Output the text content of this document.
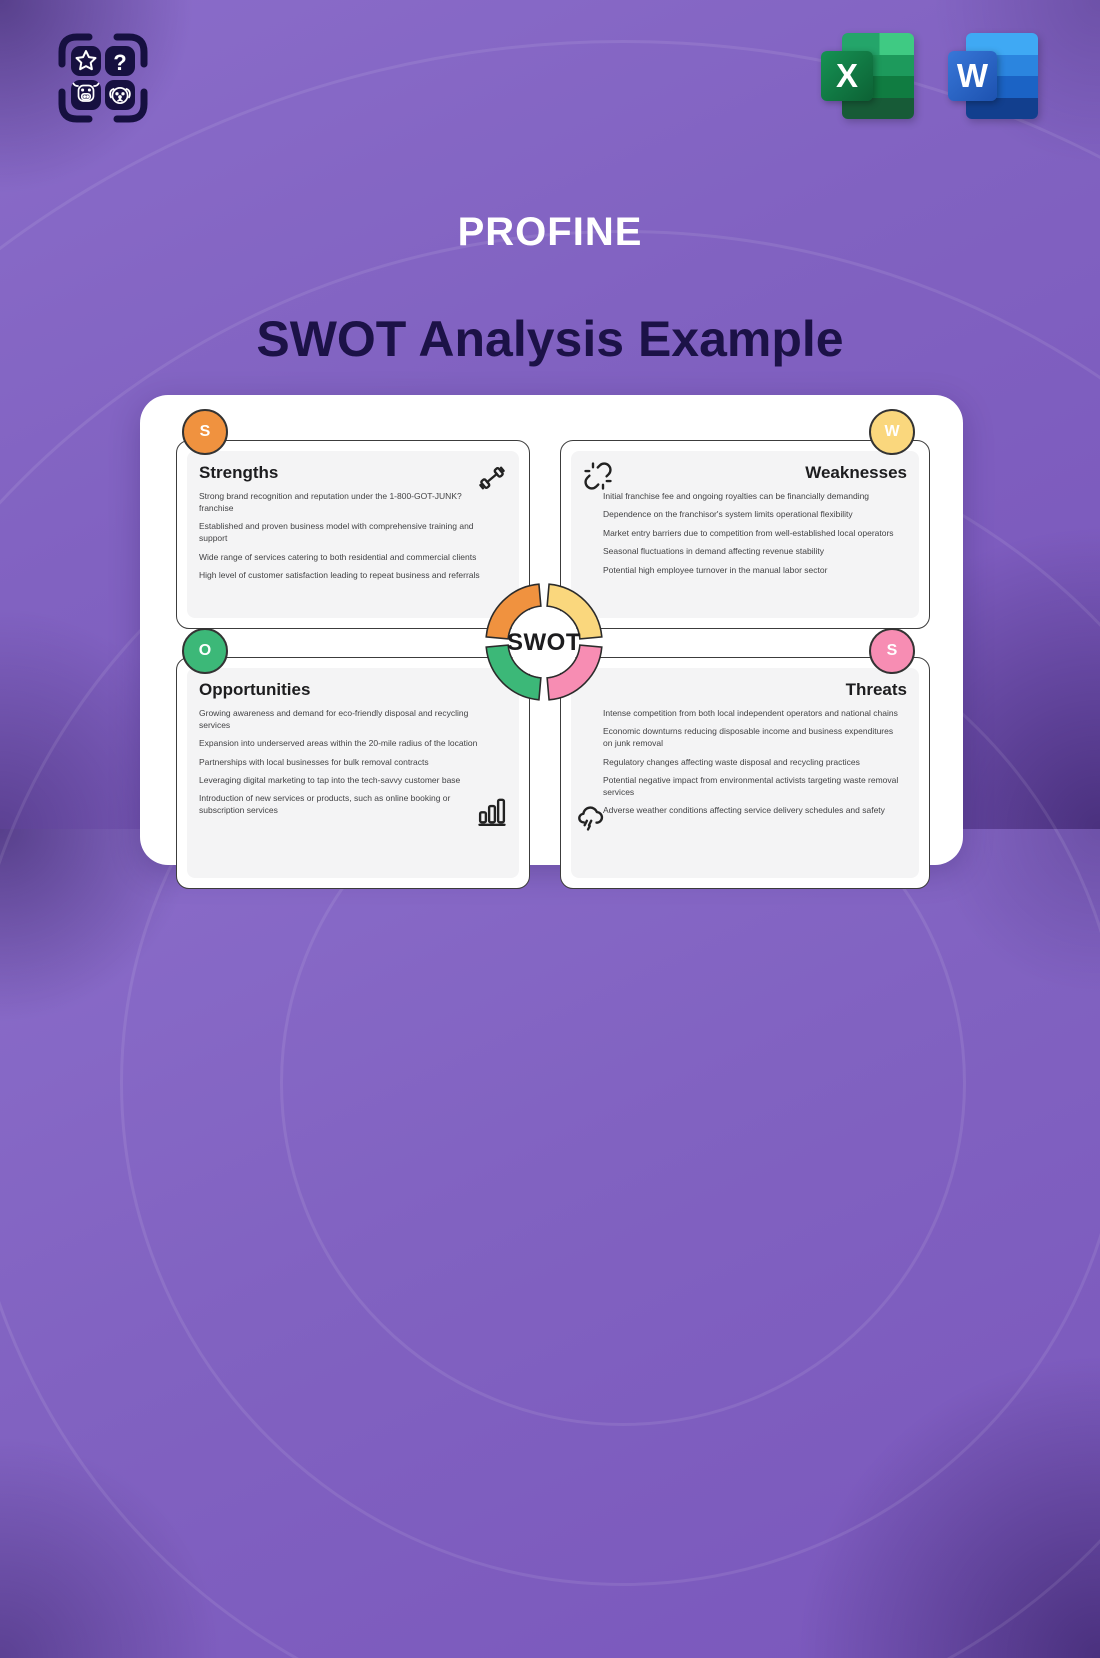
?	X	W
PROFINE
SWOT Analysis Example

Strengths

Strong brand recognition and reputation under the 1-800-GOT-JUNK? franchise

Established and proven business model with comprehensive training and support

Wide range of services catering to both residential and commercial clients

High level of customer satisfaction leading to repeat business and referrals

Weaknesses

Initial franchise fee and ongoing royalties can be financially demanding

Dependence on the franchisor's system limits operational flexibility

Market entry barriers due to competition from well-established local operators

Seasonal fluctuations in demand affecting revenue stability

Potential high employee turnover in the manual labor sector

Opportunities

Growing awareness and demand for eco-friendly disposal and recycling services

Expansion into underserved areas within the 20-mile radius of the location

Partnerships with local businesses for bulk removal contracts

Leveraging digital marketing to tap into the tech-savvy customer base

Introduction of new services or products, such as online booking or subscription services

Threats

Intense competition from both local independent operators and national chains

Economic downturns reducing disposable income and business expenditures on junk removal

Regulatory changes affecting waste disposal and recycling practices

Potential negative impact from environmental activists targeting waste removal services

Adverse weather conditions affecting service delivery schedules and safety

S	W
O	S
SWOT
